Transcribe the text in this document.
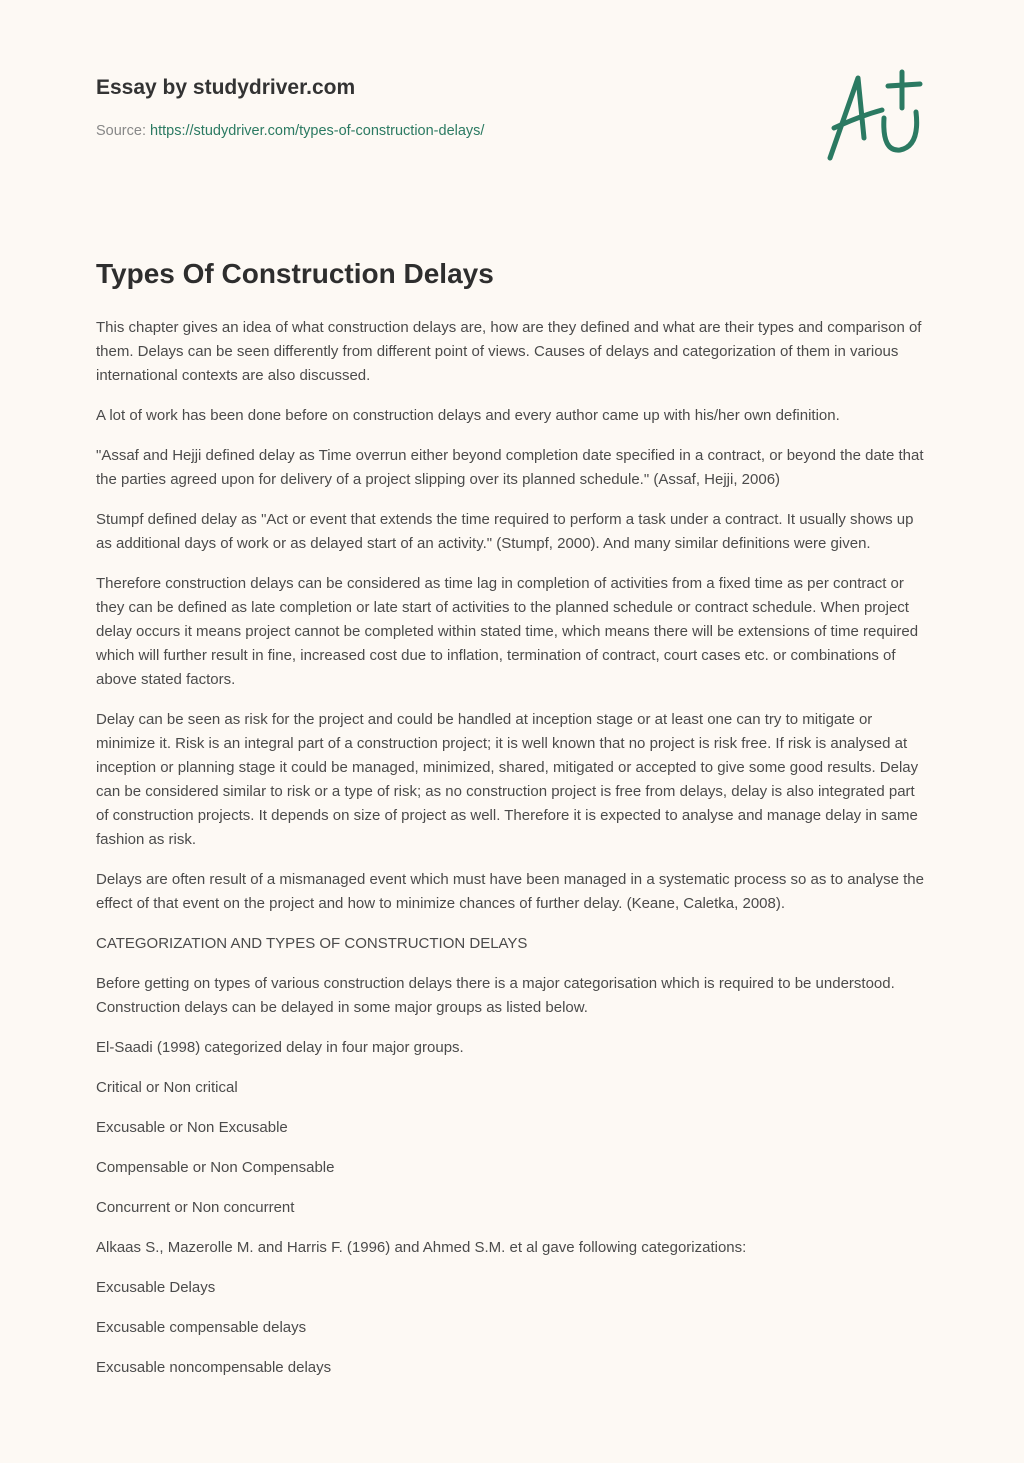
Essay by studydriver.com
Source: https://studydriver.com/types-of-construction-delays/
Types Of Construction Delays

This chapter gives an idea of what construction delays are, how are they defined and what are their types and comparison of them. Delays can be seen differently from different point of views. Causes of delays and categorization of them in various international contexts are also discussed.

A lot of work has been done before on construction delays and every author came up with his/her own definition.

"Assaf and Hejji defined delay as Time overrun either beyond completion date specified in a contract, or beyond the date that the parties agreed upon for delivery of a project slipping over its planned schedule." (Assaf, Hejji, 2006)

Stumpf defined delay as "Act or event that extends the time required to perform a task under a contract. It usually shows up as additional days of work or as delayed start of an activity." (Stumpf, 2000). And many similar definitions were given.

Therefore construction delays can be considered as time lag in completion of activities from a fixed time as per contract or they can be defined as late completion or late start of activities to the planned schedule or contract schedule. When project delay occurs it means project cannot be completed within stated time, which means there will be extensions of time required which will further result in fine, increased cost due to inflation, termination of contract, court cases etc. or combinations of above stated factors.

Delay can be seen as risk for the project and could be handled at inception stage or at least one can try to mitigate or minimize it. Risk is an integral part of a construction project; it is well known that no project is risk free. If risk is analysed at inception or planning stage it could be managed, minimized, shared, mitigated or accepted to give some good results. Delay can be considered similar to risk or a type of risk; as no construction project is free from delays, delay is also integrated part of construction projects. It depends on size of project as well. Therefore it is expected to analyse and manage delay in same fashion as risk.

Delays are often result of a mismanaged event which must have been managed in a systematic process so as to analyse the effect of that event on the project and how to minimize chances of further delay. (Keane, Caletka, 2008).

CATEGORIZATION AND TYPES OF CONSTRUCTION DELAYS

Before getting on types of various construction delays there is a major categorisation which is required to be understood. Construction delays can be delayed in some major groups as listed below.

El-Saadi (1998) categorized delay in four major groups.

Critical or Non critical

Excusable or Non Excusable

Compensable or Non Compensable

Concurrent or Non concurrent

Alkaas S., Mazerolle M. and Harris F. (1996) and Ahmed S.M. et al gave following categorizations:

Excusable Delays

Excusable compensable delays

Excusable noncompensable delays
